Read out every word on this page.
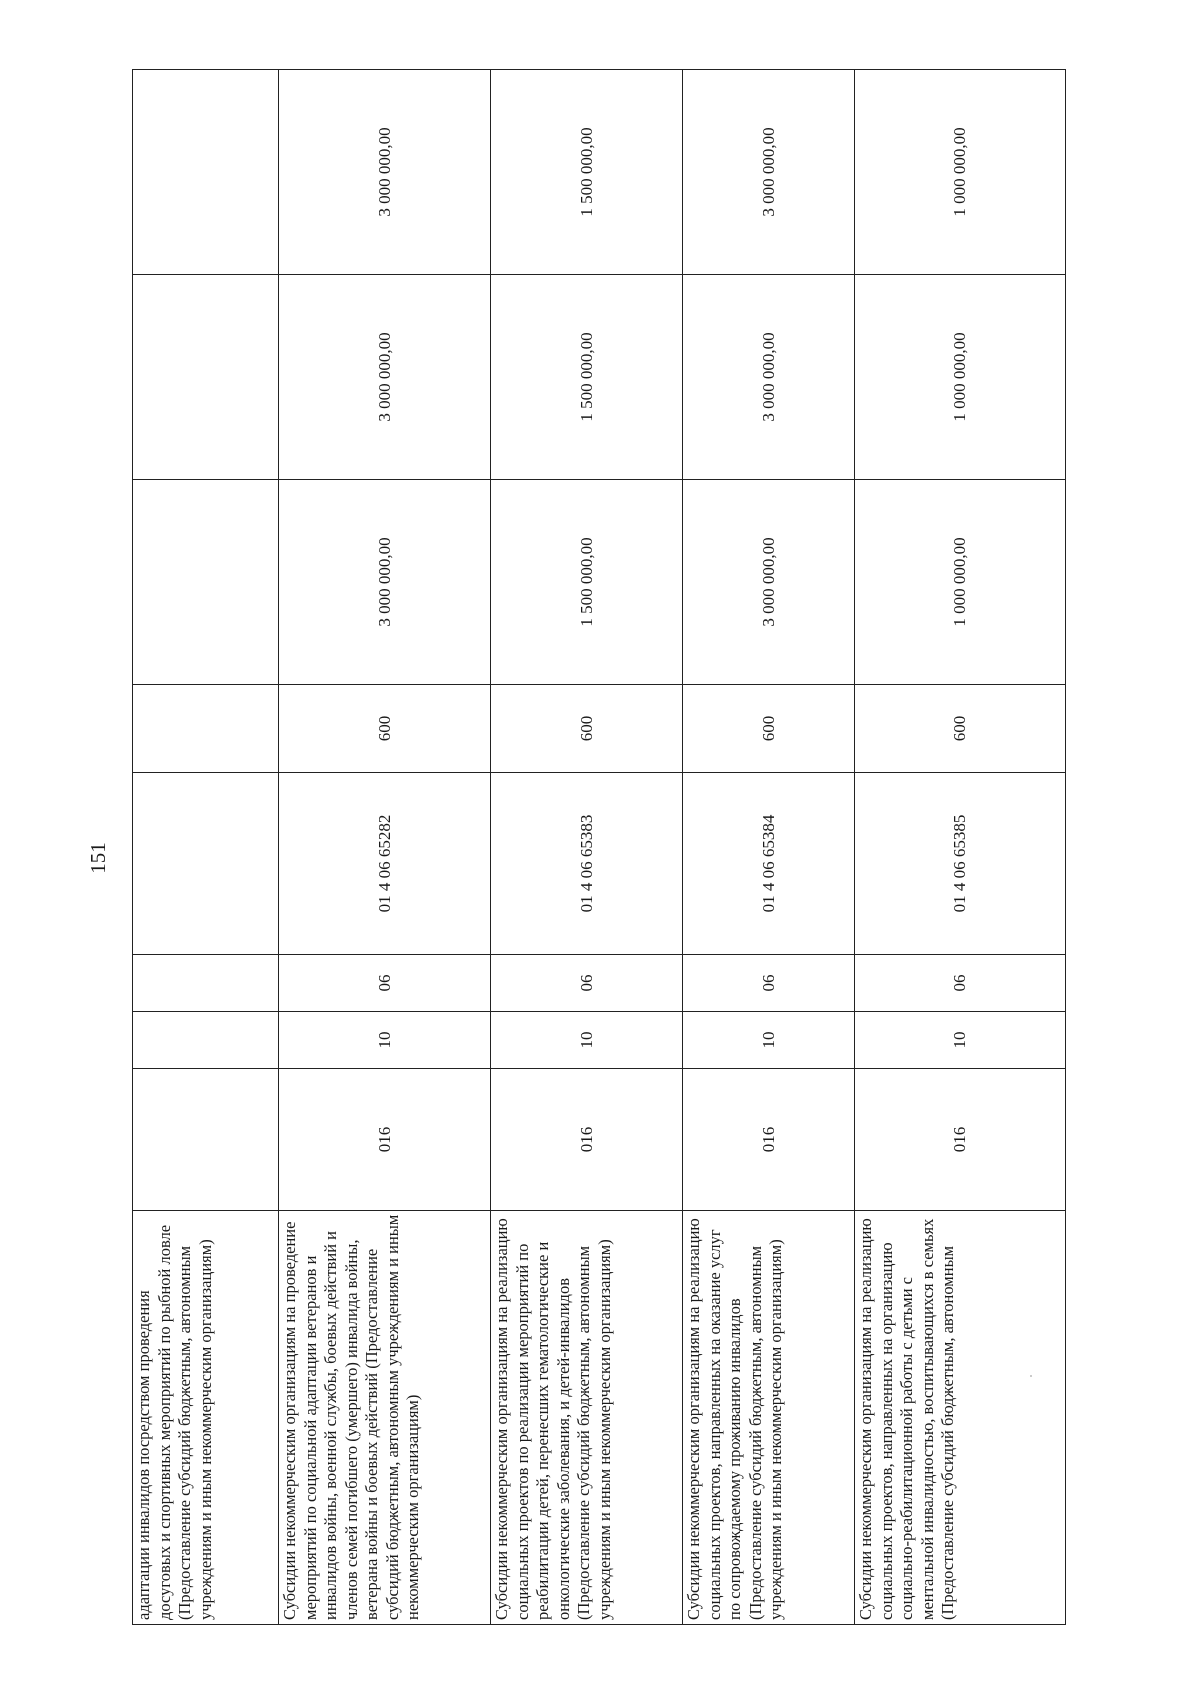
151
адаптации инвалидов посредством проведения досуговых и спортивных мероприятий по рыбной ловле (Предоставление субсидий бюджетным, автономным учреждениям и иным некоммерческим организациям)								
Субсидии некоммерческим организациям на проведение мероприятий по социальной адаптации ветеранов и инвалидов войны, военной службы, боевых действий и членов семей погибшего (умершего) инвалида войны, ветерана войны и боевых действий (Предоставление субсидий бюджетным, автономным учреждениям и иным некоммерческим организациям)	016	10	06	01 4 06 65282	600	3 000 000,00	3 000 000,00	3 000 000,00
Субсидии некоммерческим организациям на реализацию социальных проектов по реализации мероприятий по реабилитации детей, перенесших гематологические и онкологические заболевания, и детей-инвалидов (Предоставление субсидий бюджетным, автономным учреждениям и иным некоммерческим организациям)	016	10	06	01 4 06 65383	600	1 500 000,00	1 500 000,00	1 500 000,00
Субсидии некоммерческим организациям на реализацию социальных проектов, направленных на оказание услуг по сопровождаемому проживанию инвалидов (Предоставление субсидий бюджетным, автономным учреждениям и иным некоммерческим организациям)	016	10	06	01 4 06 65384	600	3 000 000,00	3 000 000,00	3 000 000,00
Субсидии некоммерческим организациям на реализацию социальных проектов, направленных на организацию социально-реабилитационной работы с детьми с ментальной инвалидностью, воспитывающихся в семьях (Предоставление субсидий бюджетным, автономным	016	10	06	01 4 06 65385	600	1 000 000,00	1 000 000,00	1 000 000,00
